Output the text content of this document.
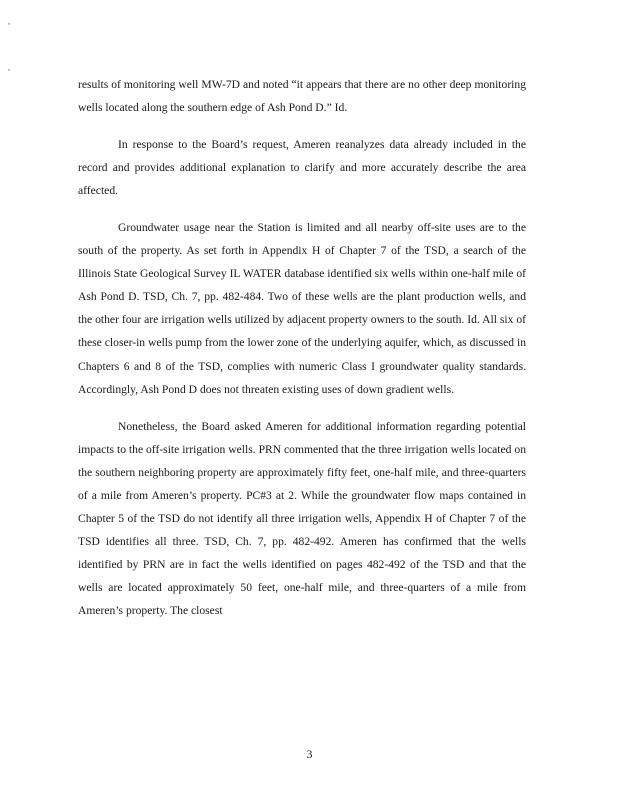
,
,

results of monitoring well MW-7D and noted “it appears that there are no other deep monitoring wells located along the southern edge of Ash Pond D.” Id.

In response to the Board’s request, Ameren reanalyzes data already included in the record and provides additional explanation to clarify and more accurately describe the area affected.

Groundwater usage near the Station is limited and all nearby off-site uses are to the south of the property. As set forth in Appendix H of Chapter 7 of the TSD, a search of the Illinois State Geological Survey IL WATER database identified six wells within one-half mile of Ash Pond D. TSD, Ch. 7, pp. 482-484. Two of these wells are the plant production wells, and the other four are irrigation wells utilized by adjacent property owners to the south. Id. All six of these closer-in wells pump from the lower zone of the underlying aquifer, which, as discussed in Chapters 6 and 8 of the TSD, complies with numeric Class I groundwater quality standards. Accordingly, Ash Pond D does not threaten existing uses of down gradient wells.

Nonetheless, the Board asked Ameren for additional information regarding potential impacts to the off-site irrigation wells. PRN commented that the three irrigation wells located on the southern neighboring property are approximately fifty feet, one-half mile, and three-quarters of a mile from Ameren’s property. PC#3 at 2. While the groundwater flow maps contained in Chapter 5 of the TSD do not identify all three irrigation wells, Appendix H of Chapter 7 of the TSD identifies all three. TSD, Ch. 7, pp. 482-492. Ameren has confirmed that the wells identified by PRN are in fact the wells identified on pages 482-492 of the TSD and that the wells are located approximately 50 feet, one-half mile, and three-quarters of a mile from Ameren’s property. The closest

3
